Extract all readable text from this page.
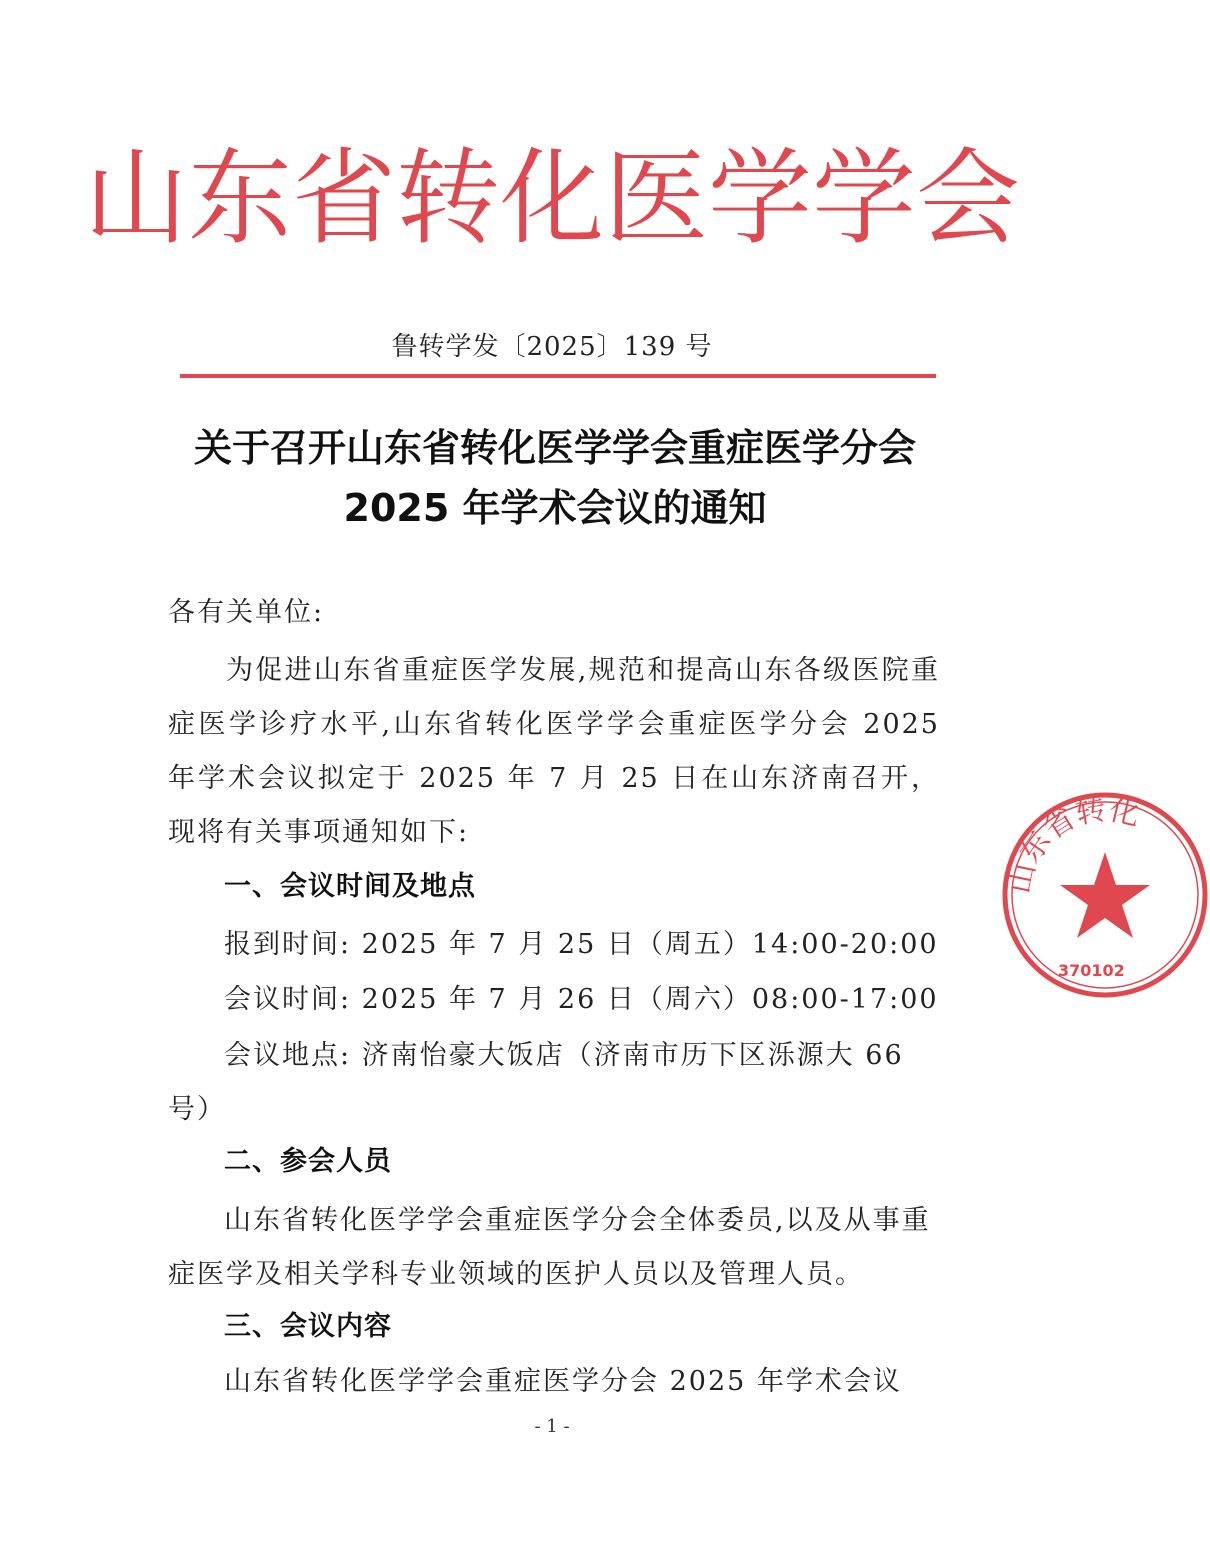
山东省转化医学学会
鲁转学发〔2025〕139 号
关于召开山东省转化医学学会重症医学分会 2025 年学术会议的通知
各有关单位:
为促进山东省重症医学发展,规范和提高山东各级医院重症医学诊疗水平,山东省转化医学学会重症医学分会 2025 年学术会议拟定于 2025 年 7 月 25 日在山东济南召开，现将有关事项通知如下:
一、会议时间及地点
报到时间: 2025 年 7 月 25 日（周五）14:00-20:00
会议时间: 2025 年 7 月 26 日（周六）08:00-17:00
会议地点: 济南怡豪大饭店（济南市历下区泺源大 66 号）
二、参会人员
山东省转化医学学会重症医学分会全体委员,以及从事重症医学及相关学科专业领域的医护人员以及管理人员。
三、会议内容
山东省转化医学学会重症医学分会 2025 年学术会议
- 1 -
山东省转化
370102
